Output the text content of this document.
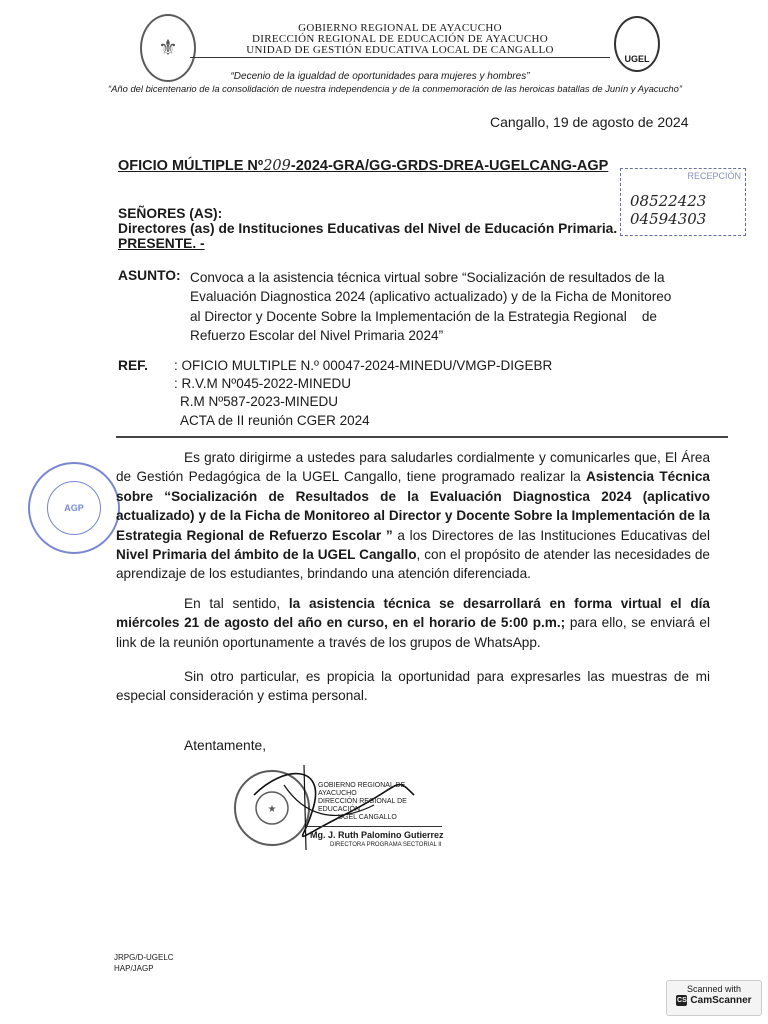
⚜	UGEL
GOBIERNO REGIONAL DE AYACUCHO
DIRECCIÓN REGIONAL DE EDUCACIÓN DE AYACUCHO
UNIDAD DE GESTIÓN EDUCATIVA LOCAL DE CANGALLO
“Decenio de la igualdad de oportunidades para mujeres y hombres”
“Año del bicentenario de la consolidación de nuestra independencia y de la conmemoración de las heroicas batallas de Junín y Ayacucho”
Cangallo, 19 de agosto de 2024
OFICIO MÚLTIPLE Nº209-2024-GRA/GG-GRDS-DREA-UGELCANG-AGP
RECEPCIÓN
08522423
04594303
SEÑORES (AS):
Directores (as) de Instituciones Educativas del Nivel de Educación Primaria.
PRESENTE. -
ASUNTO: Convoca a la asistencia técnica virtual sobre “Socialización de resultados de la
Evaluación Diagnostica 2024 (aplicativo actualizado) y de la Ficha de Monitoreo
al Director y Docente Sobre la Implementación de la Estrategia Regional    de
Refuerzo Escolar del Nivel Primaria 2024”
REF. : OFICIO MULTIPLE N.º 00047-2024-MINEDU/VMGP-DIGEBR
: R.V.M Nº045-2022-MINEDU
R.M Nº587-2023-MINEDU
ACTA de II reunión CGER 2024
AGP
Es grato dirigirme a ustedes para saludarles cordialmente y comunicarles que, El Área de Gestión Pedagógica de la UGEL Cangallo, tiene programado realizar la Asistencia Técnica sobre “Socialización de Resultados de la Evaluación Diagnostica 2024 (aplicativo actualizado) y de la Ficha de Monitoreo al Director y Docente Sobre la Implementación de la Estrategia Regional de Refuerzo Escolar ” a los Directores de las Instituciones Educativas del Nivel Primaria del ámbito de la UGEL Cangallo, con el propósito de atender las necesidades de aprendizaje de los estudiantes, brindando una atención diferenciada.
En tal sentido, la asistencia técnica se desarrollará en forma virtual el día miércoles 21 de agosto del año en curso, en el horario de 5:00 p.m.; para ello, se enviará el link de la reunión oportunamente a través de los grupos de WhatsApp.
Sin otro particular, es propicia la oportunidad para expresarles las muestras de mi especial consideración y estima personal.
Atentamente,
★
GOBIERNO REGIONAL DE AYACUCHO
DIRECCIÓN REGIONAL DE EDUCACIÓN
UGEL CANGALLO
Mg. J. Ruth Palomino Gutierrez
DIRECTORA PROGRAMA SECTORIAL II
JRPG/D-UGELC
HAP/JAGP
Scanned with
CS CamScanner
